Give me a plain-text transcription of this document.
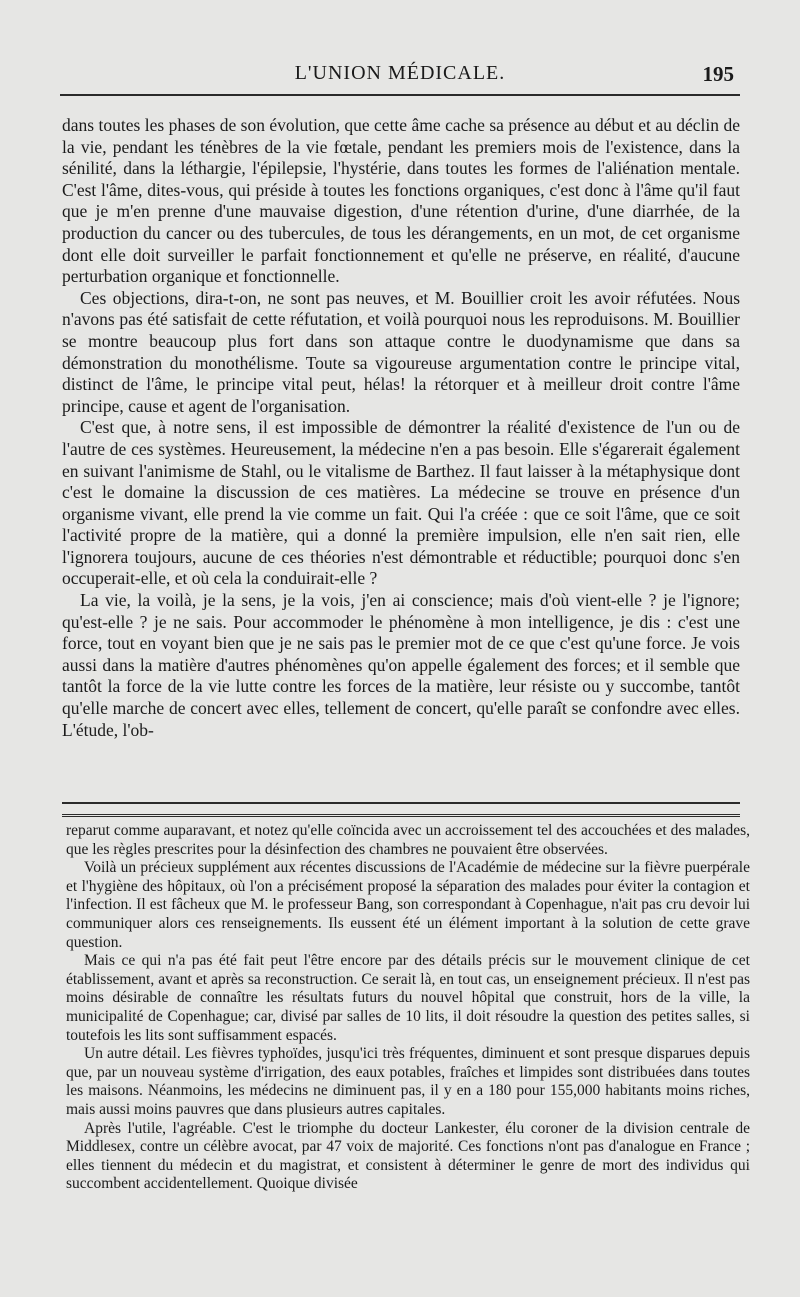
L'UNION MÉDICALE.	195

dans toutes les phases de son évolution, que cette âme cache sa présence au début et au déclin de la vie, pendant les ténèbres de la vie fœtale, pendant les premiers mois de l'existence, dans la sénilité, dans la léthargie, l'épilepsie, l'hystérie, dans toutes les formes de l'aliénation mentale. C'est l'âme, dites-vous, qui préside à toutes les fonctions organiques, c'est donc à l'âme qu'il faut que je m'en prenne d'une mauvaise digestion, d'une rétention d'urine, d'une diarrhée, de la production du cancer ou des tubercules, de tous les dérangements, en un mot, de cet organisme dont elle doit surveiller le parfait fonctionnement et qu'elle ne préserve, en réalité, d'aucune perturbation organique et fonctionnelle.

Ces objections, dira-t-on, ne sont pas neuves, et M. Bouillier croit les avoir réfutées. Nous n'avons pas été satisfait de cette réfutation, et voilà pourquoi nous les reproduisons. M. Bouillier se montre beaucoup plus fort dans son attaque contre le duodynamisme que dans sa démonstration du monothélisme. Toute sa vigoureuse argumentation contre le principe vital, distinct de l'âme, le principe vital peut, hélas! la rétorquer et à meilleur droit contre l'âme principe, cause et agent de l'organisation.

C'est que, à notre sens, il est impossible de démontrer la réalité d'existence de l'un ou de l'autre de ces systèmes. Heureusement, la médecine n'en a pas besoin. Elle s'égarerait également en suivant l'animisme de Stahl, ou le vitalisme de Barthez. Il faut laisser à la métaphysique dont c'est le domaine la discussion de ces matières. La médecine se trouve en présence d'un organisme vivant, elle prend la vie comme un fait. Qui l'a créée : que ce soit l'âme, que ce soit l'activité propre de la matière, qui a donné la première impulsion, elle n'en sait rien, elle l'ignorera toujours, aucune de ces théories n'est démontrable et réductible; pourquoi donc s'en occuperait-elle, et où cela la conduirait-elle ?

La vie, la voilà, je la sens, je la vois, j'en ai conscience; mais d'où vient-elle ? je l'ignore; qu'est-elle ? je ne sais. Pour accommoder le phénomène à mon intelligence, je dis : c'est une force, tout en voyant bien que je ne sais pas le premier mot de ce que c'est qu'une force. Je vois aussi dans la matière d'autres phénomènes qu'on appelle également des forces; et il semble que tantôt la force de la vie lutte contre les forces de la matière, leur résiste ou y succombe, tantôt qu'elle marche de concert avec elles, tellement de concert, qu'elle paraît se confondre avec elles. L'étude, l'ob-

reparut comme auparavant, et notez qu'elle coïncida avec un accroissement tel des accouchées et des malades, que les règles prescrites pour la désinfection des chambres ne pouvaient être observées.

Voilà un précieux supplément aux récentes discussions de l'Académie de médecine sur la fièvre puerpérale et l'hygiène des hôpitaux, où l'on a précisément proposé la séparation des malades pour éviter la contagion et l'infection. Il est fâcheux que M. le professeur Bang, son correspondant à Copenhague, n'ait pas cru devoir lui communiquer alors ces renseignements. Ils eussent été un élément important à la solution de cette grave question.

Mais ce qui n'a pas été fait peut l'être encore par des détails précis sur le mouvement clinique de cet établissement, avant et après sa reconstruction. Ce serait là, en tout cas, un enseignement précieux. Il n'est pas moins désirable de connaître les résultats futurs du nouvel hôpital que construit, hors de la ville, la municipalité de Copenhague; car, divisé par salles de 10 lits, il doit résoudre la question des petites salles, si toutefois les lits sont suffisamment espacés.

Un autre détail. Les fièvres typhoïdes, jusqu'ici très fréquentes, diminuent et sont presque disparues depuis que, par un nouveau système d'irrigation, des eaux potables, fraîches et limpides sont distribuées dans toutes les maisons. Néanmoins, les médecins ne diminuent pas, il y en a 180 pour 155,000 habitants moins riches, mais aussi moins pauvres que dans plusieurs autres capitales.

Après l'utile, l'agréable. C'est le triomphe du docteur Lankester, élu coroner de la division centrale de Middlesex, contre un célèbre avocat, par 47 voix de majorité. Ces fonctions n'ont pas d'analogue en France ; elles tiennent du médecin et du magistrat, et consistent à déterminer le genre de mort des individus qui succombent accidentellement. Quoique divisée
